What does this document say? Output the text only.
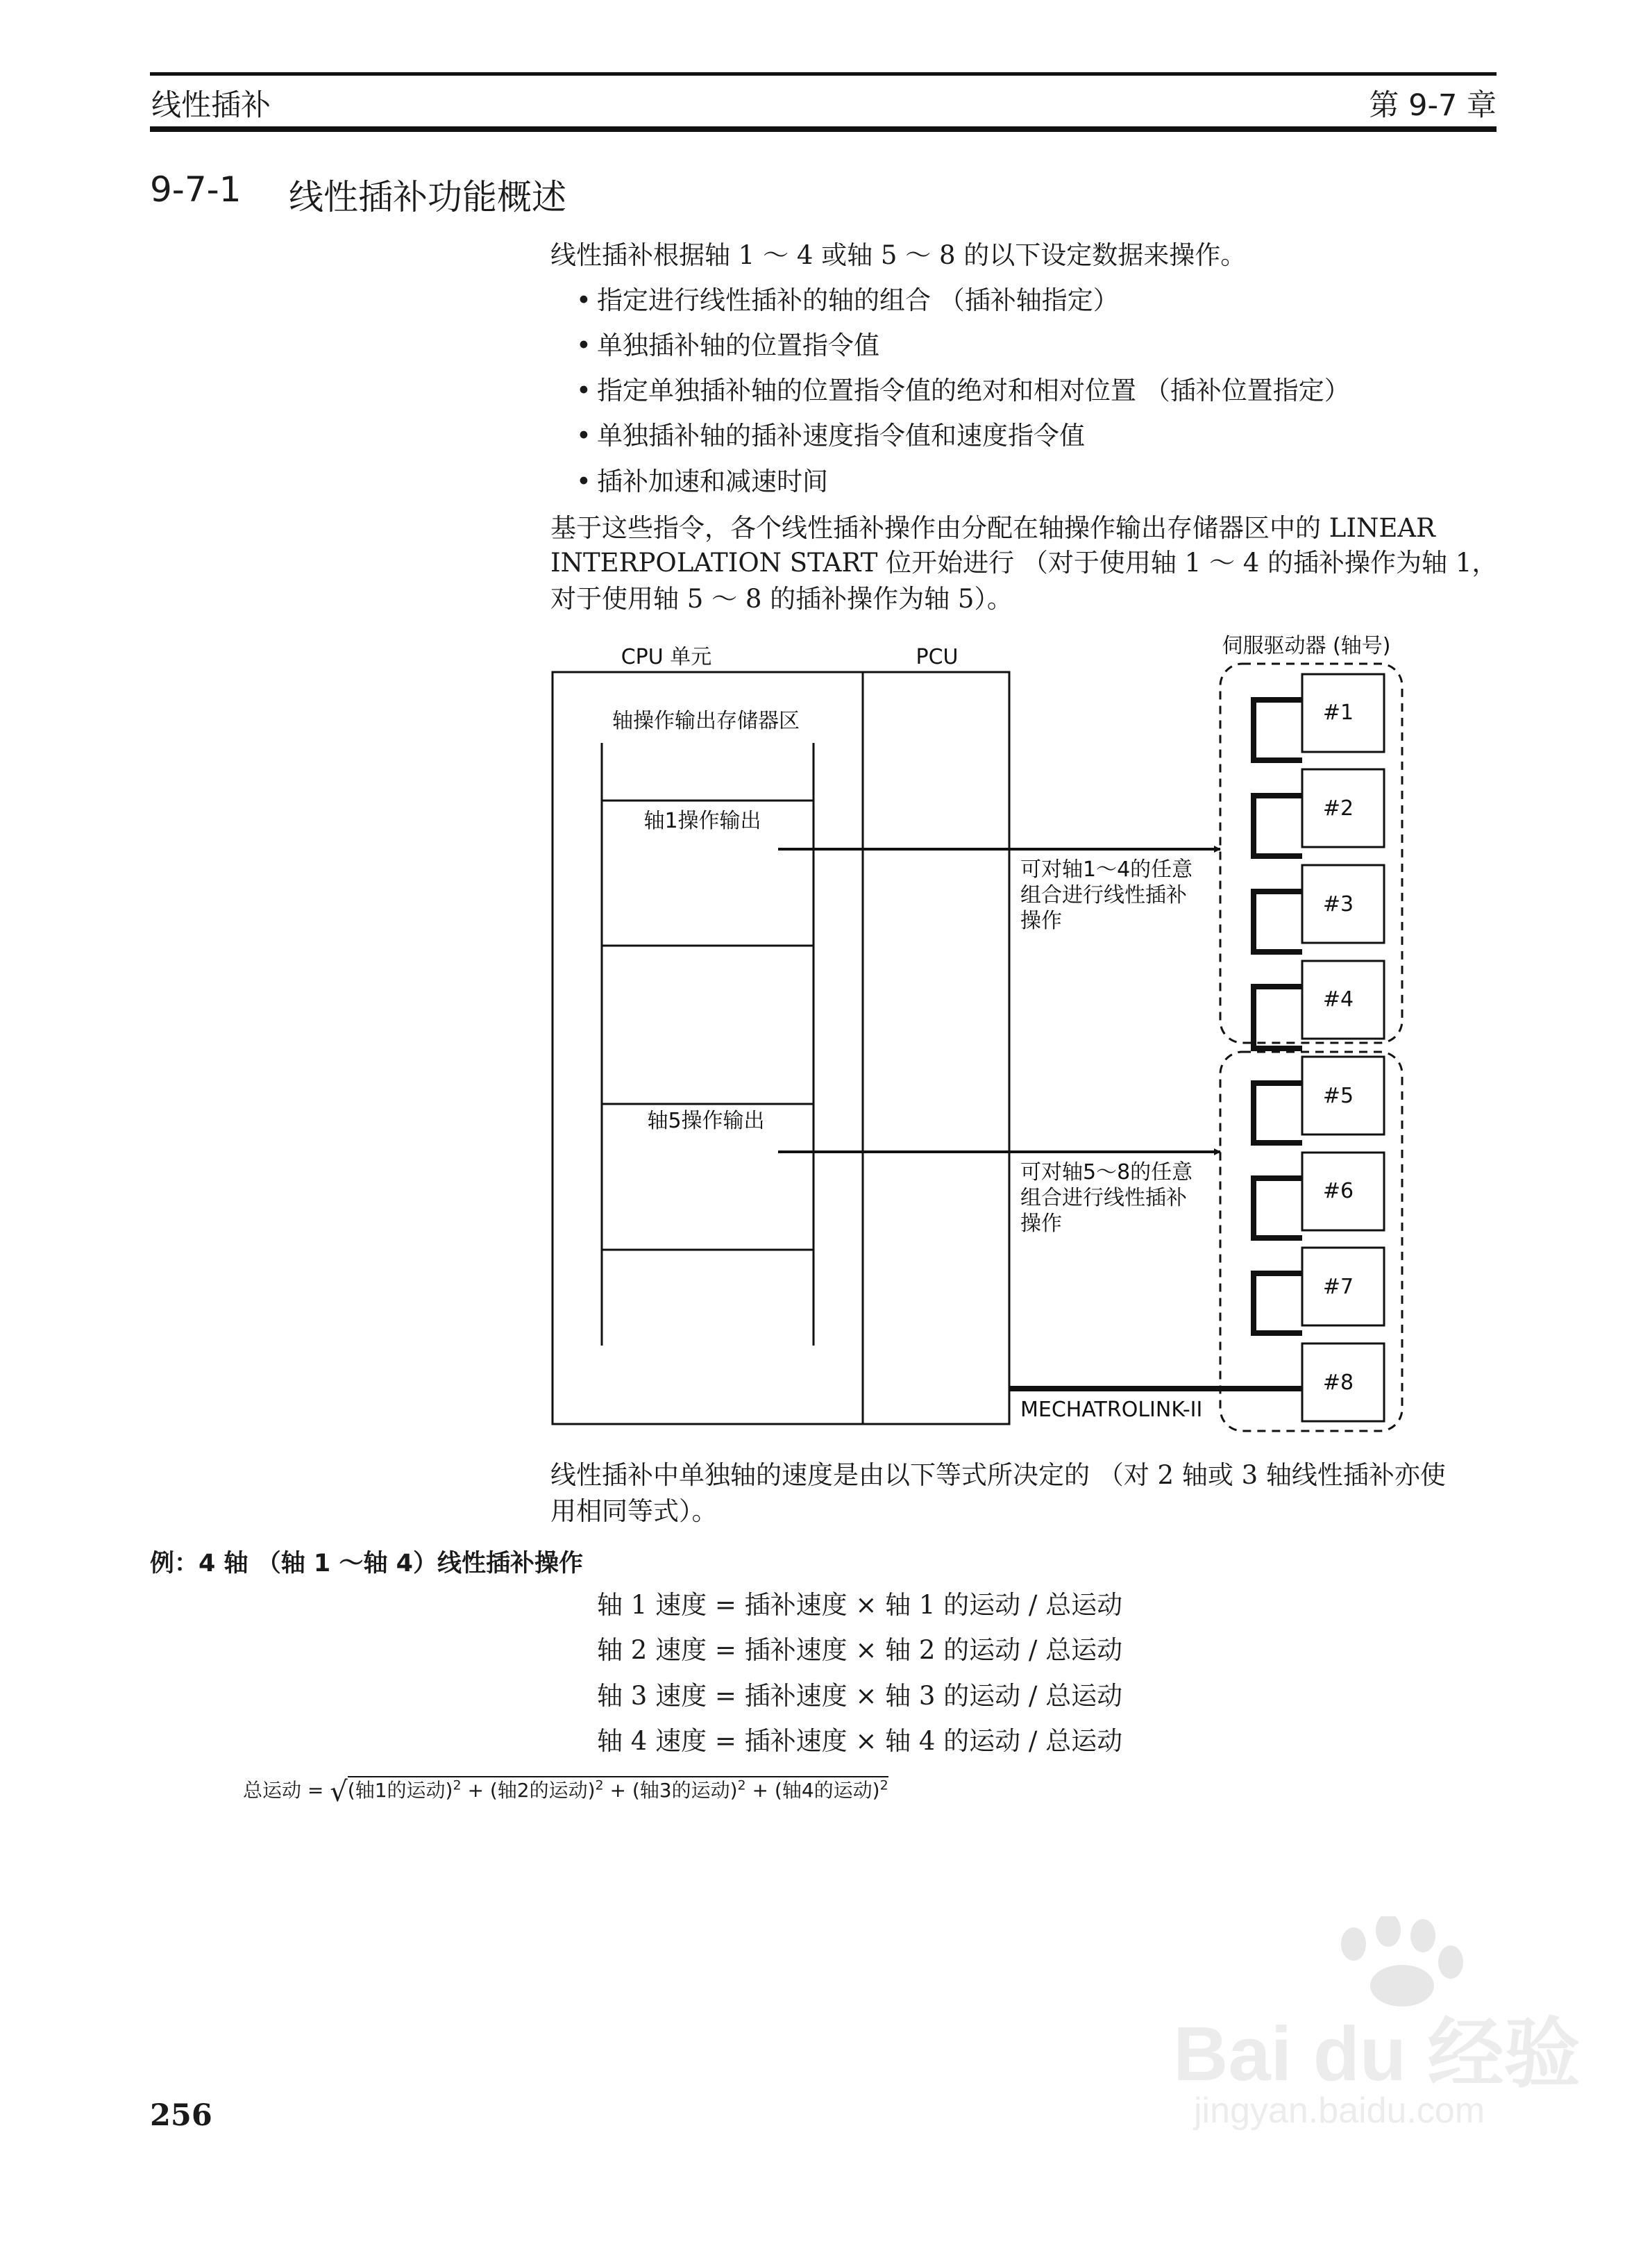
线性插补	第 9-7 章
9-7-1 线性插补功能概述
线性插补根据轴 1 ～ 4 或轴 5 ～ 8 的以下设定数据来操作。
• 指定进行线性插补的轴的组合 （插补轴指定）
• 单独插补轴的位置指令值
• 指定单独插补轴的位置指令值的绝对和相对位置 （插补位置指定）
• 单独插补轴的插补速度指令值和速度指令值
• 插补加速和减速时间
基于这些指令，各个线性插补操作由分配在轴操作输出存储器区中的 LINEAR
INTERPOLATION START 位开始进行 （对于使用轴 1 ～ 4 的插补操作为轴 1，
对于使用轴 5 ～ 8 的插补操作为轴 5）。
CPU 单元	PCU	伺服驱动器 (轴号)
轴操作输出存储器区
轴1操作输出
轴5操作输出
可对轴1～4的任意
组合进行线性插补
操作
可对轴5～8的任意
组合进行线性插补
操作
MECHATROLINK-II
#1
#2
#3
#4
#5
#6
#7
#8
线性插补中单独轴的速度是由以下等式所决定的 （对 2 轴或 3 轴线性插补亦使
用相同等式）。
例：4 轴 （轴 1 ～轴 4）线性插补操作
轴 1 速度 = 插补速度 × 轴 1 的运动 / 总运动
轴 2 速度 = 插补速度 × 轴 2 的运动 / 总运动
轴 3 速度 = 插补速度 × 轴 3 的运动 / 总运动
轴 4 速度 = 插补速度 × 轴 4 的运动 / 总运动
总运动 = √(轴1的运动)$^2$ + (轴2的运动)$^2$ + (轴3的运动)$^2$ + (轴4的运动)$^2$
256
Bai du 经验
jingyan.baidu.com
